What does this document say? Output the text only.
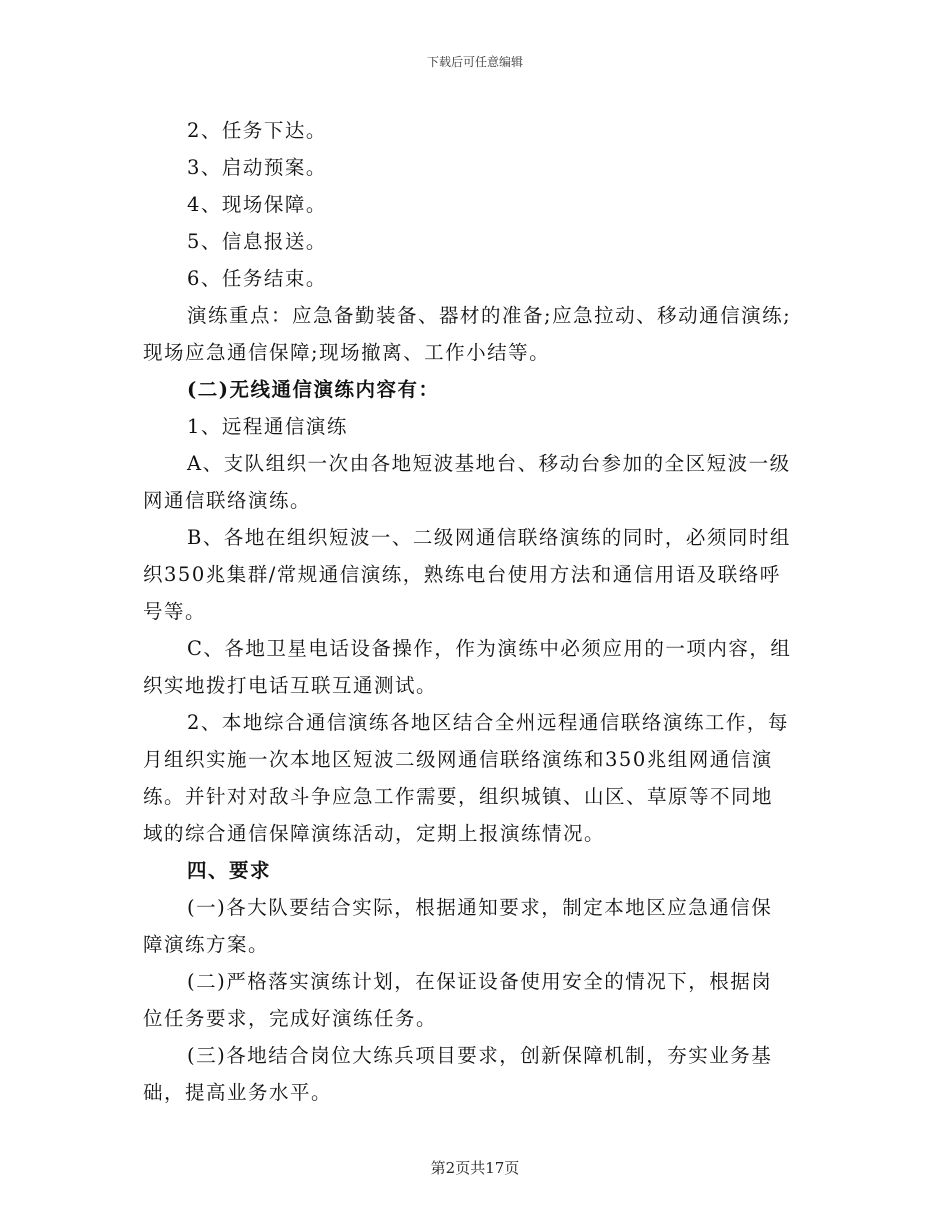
下载后可任意编辑
2、任务下达。
3、启动预案。
4、现场保障。
5、信息报送。
6、任务结束。
演练重点：应急备勤装备、器材的准备;应急拉动、移动通信演练;
现场应急通信保障;现场撤离、工作小结等。
(二)无线通信演练内容有：
1、远程通信演练
A、支队组织一次由各地短波基地台、移动台参加的全区短波一级
网通信联络演练。
B、各地在组织短波一、二级网通信联络演练的同时，必须同时组
织350兆集群/常规通信演练，熟练电台使用方法和通信用语及联络呼
号等。
C、各地卫星电话设备操作，作为演练中必须应用的一项内容，组
织实地拨打电话互联互通测试。
2、本地综合通信演练各地区结合全州远程通信联络演练工作，每
月组织实施一次本地区短波二级网通信联络演练和350兆组网通信演
练。并针对对敌斗争应急工作需要，组织城镇、山区、草原等不同地
域的综合通信保障演练活动，定期上报演练情况。
四、要求
(一)各大队要结合实际，根据通知要求，制定本地区应急通信保
障演练方案。
(二)严格落实演练计划，在保证设备使用安全的情况下，根据岗
位任务要求，完成好演练任务。
(三)各地结合岗位大练兵项目要求，创新保障机制，夯实业务基
础，提高业务水平。
第2页共17页
